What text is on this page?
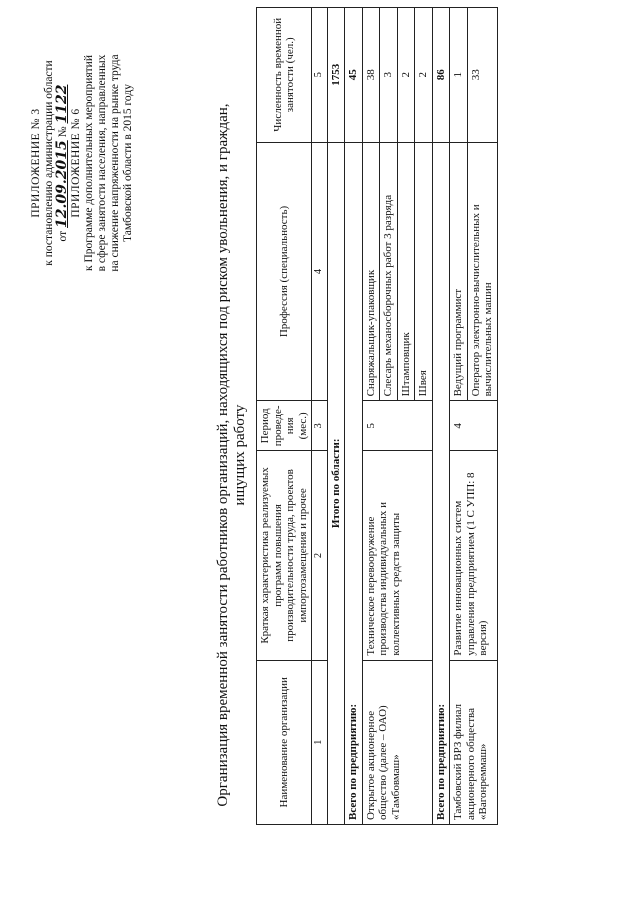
ПРИЛОЖЕНИЕ № 3 к постановлению администрации области от 12.09.2015 № 1122
ПРИЛОЖЕНИЕ № 6 к Программе дополнительных мероприятий в сфере занятости населения, направленных на снижение напряженности на рынке труда Тамбовской области в 2015 году	Организация временной занятости работников организаций, находящихся под риском увольнения, и граждан, ищущих работу
Наименование организации	Краткая характеристика реализуемых программ повышения производительности труда, проектов импортозамещения и прочее	Период проведе-ния (мес.)	Профессия (специальность)	Численность временной занятости (чел.)
1	2	3	4	5
Итого по области:				1753
Всего по предприятию:				45
Открытое акционерное общество (далее – ОАО) «Тамбовмаш»	Техническое перевооружение производства индивидуальных и коллективных средств защиты	5	Снаряжальщик-упаковщик	38
			Слесарь механосборочных работ 3 разряда	3
			Штамповщик	2
			Швея	2
Всего по предприятию:				86
Тамбовский ВРЗ филиал акционерного общества «Вагонреммаш»	Развитие инновационных систем управления предприятием (1 С УПП: 8 версия)	4	Ведущий программист	1
			Оператор электронно-вычислительных и вычислительных машин	33
